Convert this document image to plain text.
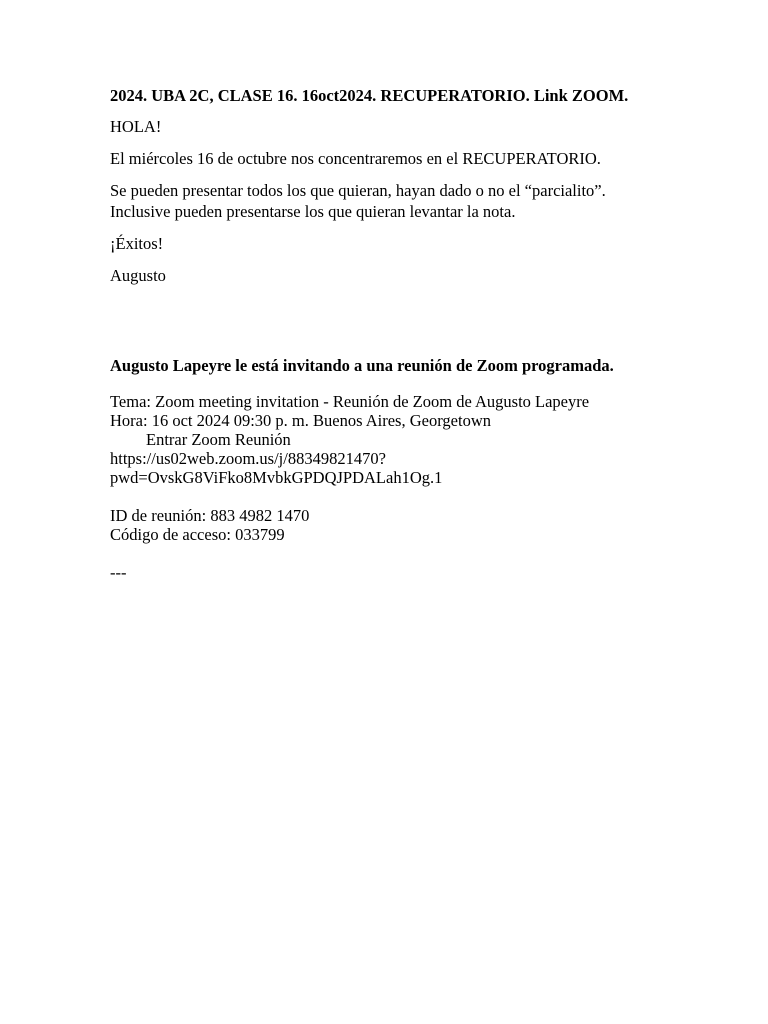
2024. UBA 2C, CLASE 16. 16oct2024. RECUPERATORIO. Link ZOOM.

HOLA!

El miércoles 16 de octubre nos concentraremos en el RECUPERATORIO.

Se pueden presentar todos los que quieran, hayan dado o no el “parcialito”. Inclusive pueden presentarse los que quieran levantar la nota.

¡Éxitos!

Augusto

Augusto Lapeyre le está invitando a una reunión de Zoom programada.

Tema: Zoom meeting invitation - Reunión de Zoom de Augusto Lapeyre

Hora: 16 oct 2024 09:30 p. m. Buenos Aires, Georgetown

Entrar Zoom Reunión

https://us02web.zoom.us/j/88349821470?

pwd=OvskG8ViFko8MvbkGPDQJPDALah1Og.1

ID de reunión: 883 4982 1470

Código de acceso: 033799

---
